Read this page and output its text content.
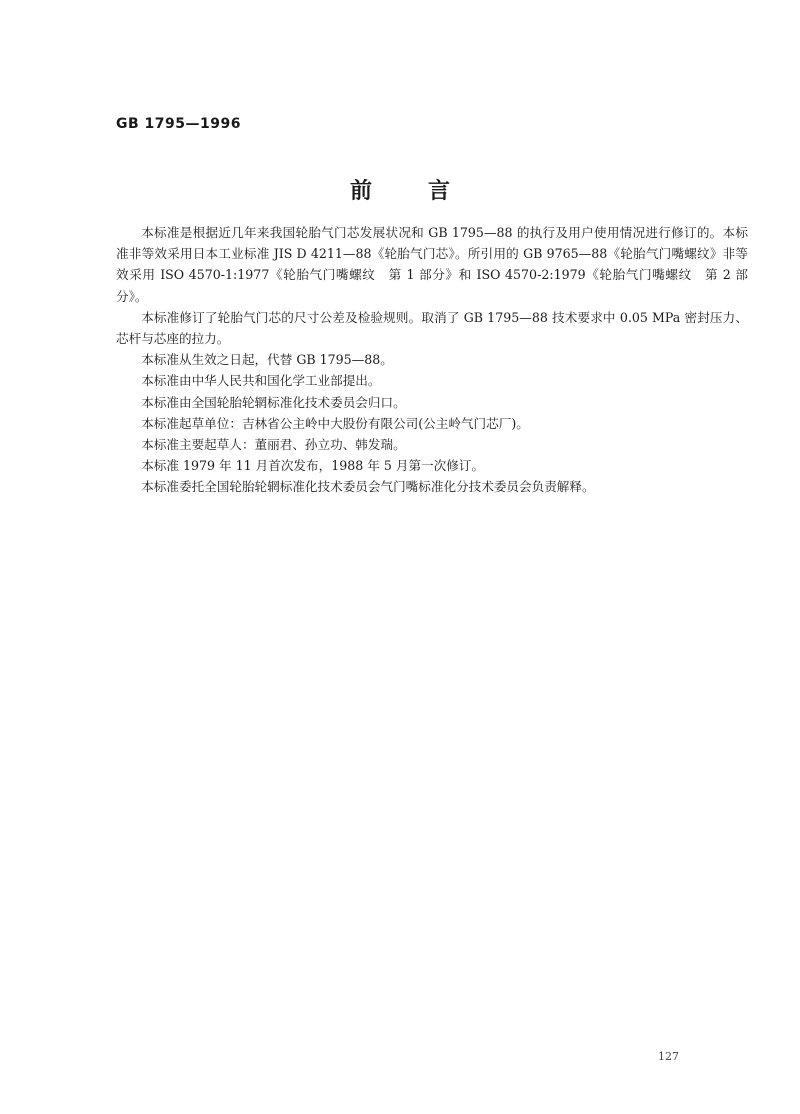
GB 1795—1996
前言

本标准是根据近几年来我国轮胎气门芯发展状况和 GB 1795—88 的执行及用户使用情况进行修订的。本标准非等效采用日本工业标准 JIS D 4211—88《轮胎气门芯》。所引用的 GB 9765—88《轮胎气门嘴螺纹》非等效采用 ISO 4570-1:1977《轮胎气门嘴螺纹　第 1 部分》和 ISO 4570-2:1979《轮胎气门嘴螺纹　第 2 部分》。

本标准修订了轮胎气门芯的尺寸公差及检验规则。取消了 GB 1795—88 技术要求中 0.05 MPa 密封压力、芯杆与芯座的拉力。

本标准从生效之日起，代替 GB 1795—88。

本标准由中华人民共和国化学工业部提出。

本标准由全国轮胎轮辋标准化技术委员会归口。

本标准起草单位：吉林省公主岭中大股份有限公司(公主岭气门芯厂)。

本标准主要起草人：董丽君、孙立功、韩发瑞。

本标准 1979 年 11 月首次发布，1988 年 5 月第一次修订。

本标准委托全国轮胎轮辋标准化技术委员会气门嘴标准化分技术委员会负责解释。

127
